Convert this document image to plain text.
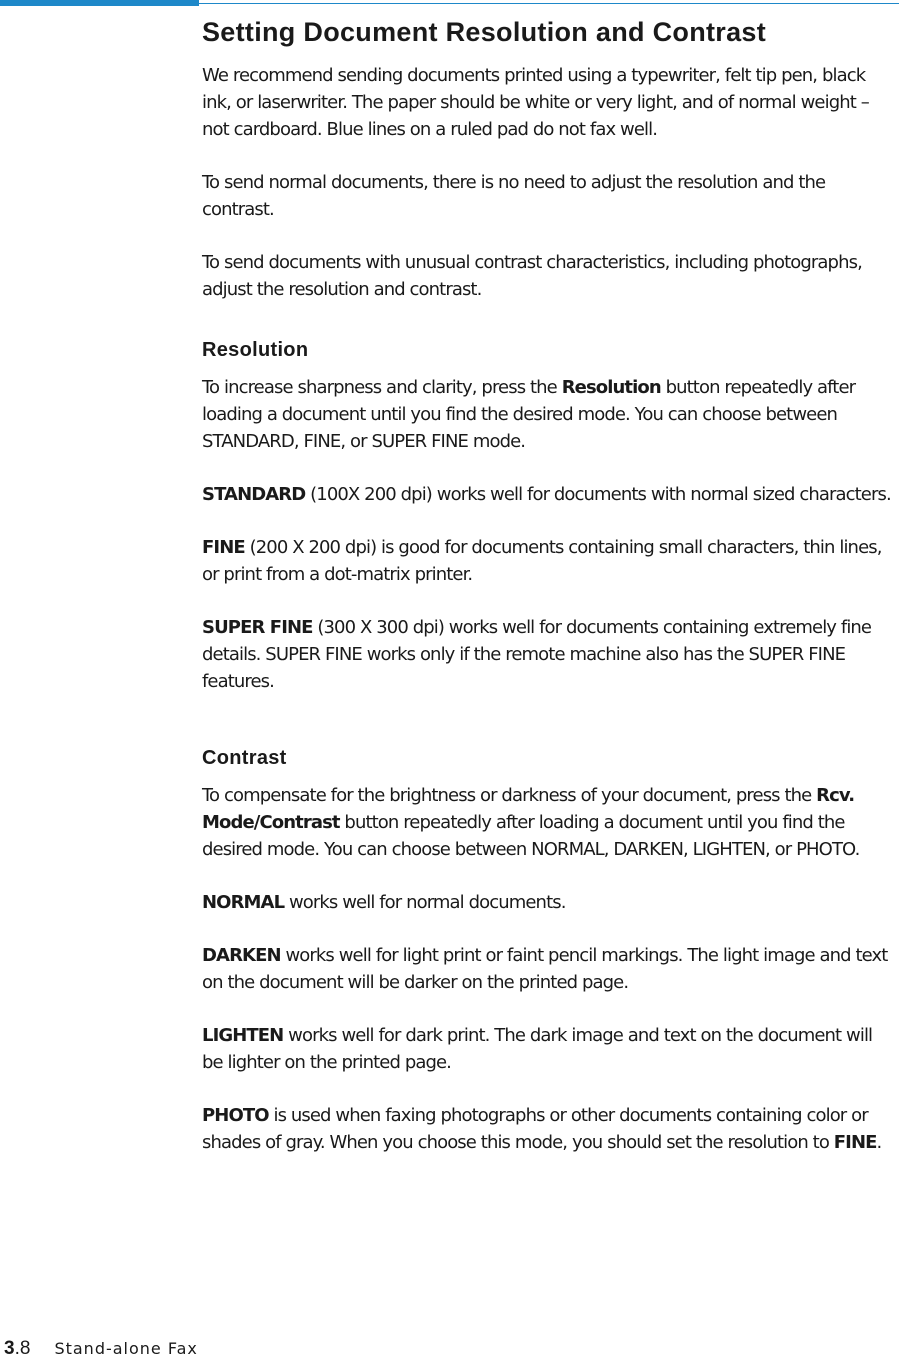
Setting Document Resolution and Contrast

We recommend sending documents printed using a typewriter, felt tip pen, black ink, or laserwriter. The paper should be white or very light, and of normal weight – not cardboard. Blue lines on a ruled pad do not fax well.

To send normal documents, there is no need to adjust the resolution and the contrast.

To send documents with unusual contrast characteristics, including photographs, adjust the resolution and contrast.

Resolution

To increase sharpness and clarity, press the Resolution button repeatedly after loading a document until you find the desired mode. You can choose between STANDARD, FINE, or SUPER FINE mode.

STANDARD (100X 200 dpi) works well for documents with normal sized characters.

FINE (200 X 200 dpi) is good for documents containing small characters, thin lines, or print from a dot-matrix printer.

SUPER FINE (300 X 300 dpi) works well for documents containing extremely fine details. SUPER FINE works only if the remote machine also has the SUPER FINE features.

Contrast

To compensate for the brightness or darkness of your document, press the Rcv. Mode/Contrast button repeatedly after loading a document until you find the desired mode. You can choose between NORMAL, DARKEN, LIGHTEN, or PHOTO.

NORMAL works well for normal documents.

DARKEN works well for light print or faint pencil markings. The light image and text on the document will be darker on the printed page.

LIGHTEN works well for dark print. The dark image and text on the document will be lighter on the printed page.

PHOTO is used when faxing photographs or other documents containing color or shades of gray. When you choose this mode, you should set the resolution to FINE.

3 . 8 Stand-alone Fax
